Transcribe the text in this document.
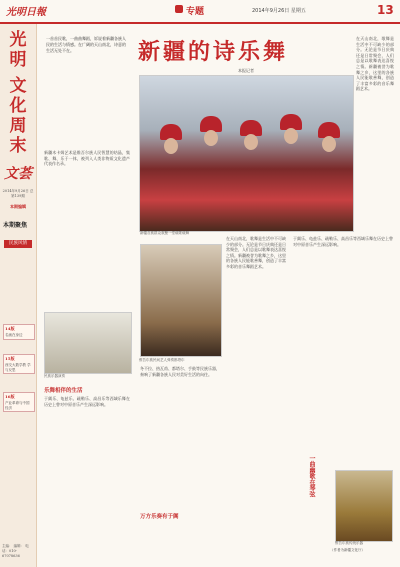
光明日報	专题	2014年9月26日 星期五	13
光
明
文
化
周
末
文荟
2014年9月26日 总第139期
本期编辑
本期聚焦
民族风情
14版
名画在身边
15版
西交大数学教 学与反思
16版
产业革命与中国 经济
主编： 编辑： 电话：010-67078636
一首首民歌，一曲曲舞蹈，诉说着新疆各族人民的生活与情感。在广阔的天山南北，诗意的生活无处不在。	新疆的诗乐舞
本报记者
新疆各族群众欢聚一堂载歌载舞
在天山南北，歌舞是生活中不可缺少的部分。无论是节日庆典还是日常聚会，人们总是以歌舞表达喜悦之情。新疆被誉为歌舞之乡，这里的各族人民能歌善舞，创造了丰富多彩的音乐舞蹈艺术。
新疆木卡姆艺术是维吾尔族人民智慧的结晶，集歌、舞、乐于一体，被列入人类非物质文化遗产代表作名录。
民族乐器演奏
乐舞相伴的生活
于阗乐、龟兹乐、疏勒乐、高昌乐等西域乐舞在历史上曾对中原音乐产生深远影响。
维吾尔族民间艺人弹奏都塔尔
冬不拉、热瓦甫、都塔尔、手鼓等民族乐器，奏响了新疆各族人民对美好生活的向往。
万方乐奏有于阗
在天山南北，歌舞是生活中不可缺少的部分。无论是节日庆典还是日常聚会，人们总是以歌舞表达喜悦之情。新疆被誉为歌舞之乡，这里的各族人民能歌善舞，创造了丰富多彩的音乐舞蹈艺术。
于阗乐、龟兹乐、疏勒乐、高昌乐等西域乐舞在历史上曾对中原音乐产生深远影响。
一曲幽歌在琴弦
维吾尔族传统乐器
（作者为新疆文化厅）
